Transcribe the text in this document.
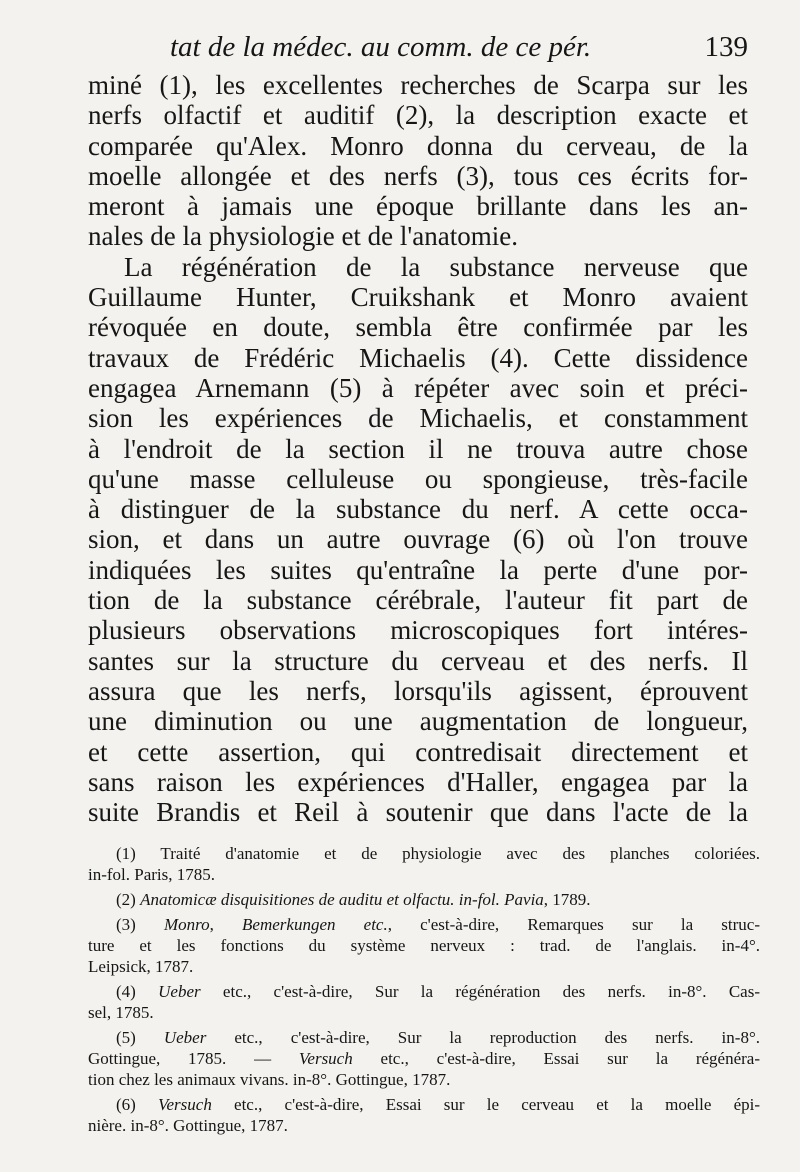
tat de la médec. au comm. de ce pér.	139
miné (1), les excellentes recherches de Scarpa sur les
nerfs olfactif et auditif (2), la description exacte et
comparée qu'Alex. Monro donna du cerveau, de la
moelle allongée et des nerfs (3), tous ces écrits for-
meront à jamais une époque brillante dans les an-
nales de la physiologie et de l'anatomie.
La régénération de la substance nerveuse que
Guillaume Hunter, Cruikshank et Monro avaient
révoquée en doute, sembla être confirmée par les
travaux de Frédéric Michaelis (4). Cette dissidence
engagea Arnemann (5) à répéter avec soin et préci-
sion les expériences de Michaelis, et constamment
à l'endroit de la section il ne trouva autre chose
qu'une masse celluleuse ou spongieuse, très-facile
à distinguer de la substance du nerf. A cette occa-
sion, et dans un autre ouvrage (6) où l'on trouve
indiquées les suites qu'entraîne la perte d'une por-
tion de la substance cérébrale, l'auteur fit part de
plusieurs observations microscopiques fort intéres-
santes sur la structure du cerveau et des nerfs. Il
assura que les nerfs, lorsqu'ils agissent, éprouvent
une diminution ou une augmentation de longueur,
et cette assertion, qui contredisait directement et
sans raison les expériences d'Haller, engagea par la
suite Brandis et Reil à soutenir que dans l'acte de la
(1) Traité d'anatomie et de physiologie avec des planches coloriées.
in-fol. Paris, 1785.
(2) Anatomicæ disquisitiones de auditu et olfactu. in-fol. Pavia, 1789.
(3) Monro, Bemerkungen etc., c'est-à-dire, Remarques sur la struc-
ture et les fonctions du système nerveux : trad. de l'anglais. in-4°.
Leipsick, 1787.
(4) Ueber etc., c'est-à-dire, Sur la régénération des nerfs. in-8°. Cas-
sel, 1785.
(5) Ueber etc., c'est-à-dire, Sur la reproduction des nerfs. in-8°.
Gottingue, 1785. — Versuch etc., c'est-à-dire, Essai sur la régénéra-
tion chez les animaux vivans. in-8°. Gottingue, 1787.
(6) Versuch etc., c'est-à-dire, Essai sur le cerveau et la moelle épi-
nière. in-8°. Gottingue, 1787.
